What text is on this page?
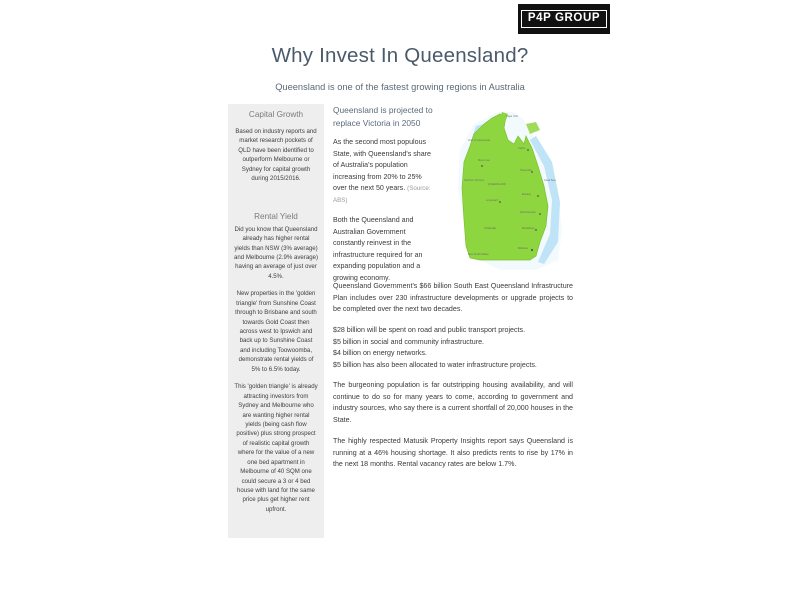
P4P GROUP
Why Invest In Queensland?
Queensland is one of the fastest growing regions in Australia
Capital Growth

Based on industry reports and market research pockets of QLD have been identified to outperform Melbourne or Sydney for capital growth during 2015/2016.

Rental Yield

Did you know that Queensland already has higher rental yields than NSW (3% average) and Melbourne (2.9% average) having an average of just over 4.5%.

New properties in the 'golden triangle' from Sunshine Coast through to Brisbane and south towards Gold Coast then across west to Ipswich and back up to Sunshine Coast and including Toowoomba, demonstrate rental yields of 5% to 6.5% today.

This 'golden triangle' is already attracting investors from Sydney and Melbourne who are wanting higher rental yields (being cash flow positive) plus strong prospect of realistic capital growth where for the value of a new one bed apartment in Melbourne of 40 SQM one could secure a 3 or 4 bed house with land for the same price plus get higher rent upfront.

Queensland is projected to replace Victoria in 2050

As the second most populous State, with Queensland's share of Australia's population increasing from 20% to 25% over the next 50 years. (Source: ABS)

Both the Queensland and Australian Government constantly reinvest in the infrastructure required for an expanding population and a growing economy.

Gulf of Carpentaria
Cape York
Mount Isa
Cairns
Townsville
Mackay
Rockhampton
Bundaberg
Brisbane
Longreach
Charleville
Coral Sea
Northern Territory
New South Wales
QUEENSLAND

Queensland Government's $66 billion South East Queensland Infrastructure Plan includes over 230 infrastructure developments or upgrade projects to be completed over the next two decades.

$28 billion will be spent on road and public transport projects.
$5 billion in social and community infrastructure.
$4 billion on energy networks.
$5 billion has also been allocated to water infrastructure projects.

The burgeoning population is far outstripping housing availability, and will continue to do so for many years to come, according to government and industry sources, who say there is a current shortfall of 20,000 houses in the State.

The highly respected Matusik Property Insights report says Queensland is running at a 46% housing shortage. It also predicts rents to rise by 17% in the next 18 months. Rental vacancy rates are below 1.7%.
